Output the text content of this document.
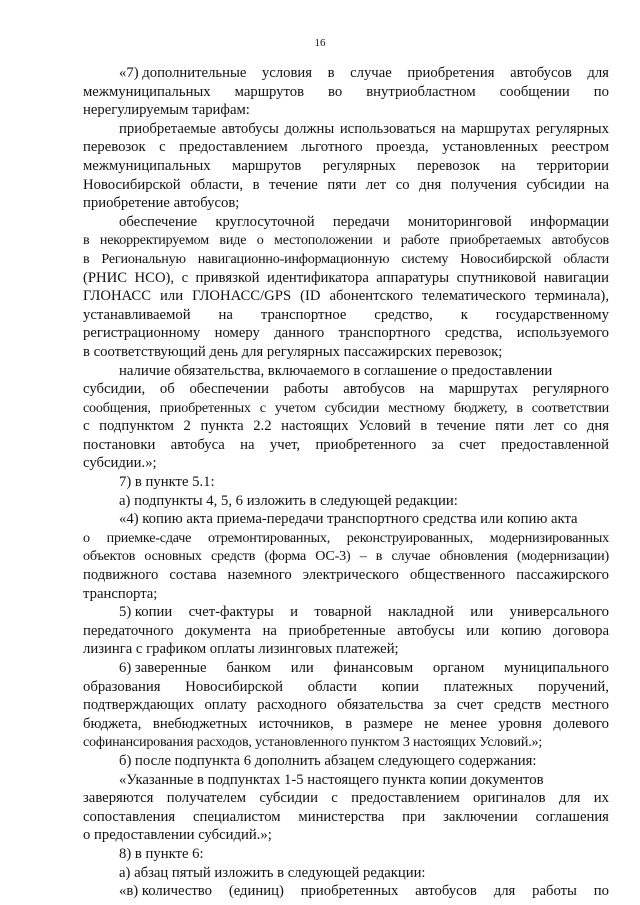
16
«7) дополнительные условия в случае приобретения автобусов для
межмуниципальных маршрутов во внутриобластном сообщении по
нерегулируемым тарифам:
приобретаемые автобусы должны использоваться на маршрутах регулярных
перевозок с предоставлением льготного проезда, установленных реестром
межмуниципальных маршрутов регулярных перевозок на территории
Новосибирской области, в течение пяти лет со дня получения субсидии на
приобретение автобусов;
обеспечение круглосуточной передачи мониторинговой информации
в некорректируемом виде о местоположении и работе приобретаемых автобусов
в Региональную навигационно-информационную систему Новосибирской области
(РНИС НСО), с привязкой идентификатора аппаратуры спутниковой навигации
ГЛОНАСС или ГЛОНАСС/GPS (ID абонентского телематического терминала),
устанавливаемой на транспортное средство, к государственному
регистрационному номеру данного транспортного средства, используемого
в соответствующий день для регулярных пассажирских перевозок;
наличие обязательства, включаемого в соглашение о предоставлении
субсидии, об обеспечении работы автобусов на маршрутах регулярного
сообщения, приобретенных с учетом субсидии местному бюджету, в соответствии
с подпунктом 2 пункта 2.2 настоящих Условий в течение пяти лет со дня
постановки автобуса на учет, приобретенного за счет предоставленной
субсидии.»;
7) в пункте 5.1:
а) подпункты 4, 5, 6 изложить в следующей редакции:
«4) копию акта приема-передачи транспортного средства или копию акта
о приемке-сдаче отремонтированных, реконструированных, модернизированных
объектов основных средств (форма ОС-3) – в случае обновления (модернизации)
подвижного состава наземного электрического общественного пассажирского
транспорта;
5) копии счет-фактуры и товарной накладной или универсального
передаточного документа на приобретенные автобусы или копию договора
лизинга с графиком оплаты лизинговых платежей;
6) заверенные банком или финансовым органом муниципального
образования Новосибирской области копии платежных поручений,
подтверждающих оплату расходного обязательства за счет средств местного
бюджета, внебюджетных источников, в размере не менее уровня долевого
софинансирования расходов, установленного пунктом 3 настоящих Условий.»;
б) после подпункта 6 дополнить абзацем следующего содержания:
«Указанные в подпунктах 1-5 настоящего пункта копии документов
заверяются получателем субсидии с предоставлением оригиналов для их
сопоставления специалистом министерства при заключении соглашения
о предоставлении субсидий.»;
8) в пункте 6:
а) абзац пятый изложить в следующей редакции:
«в) количество (единиц) приобретенных автобусов для работы по
